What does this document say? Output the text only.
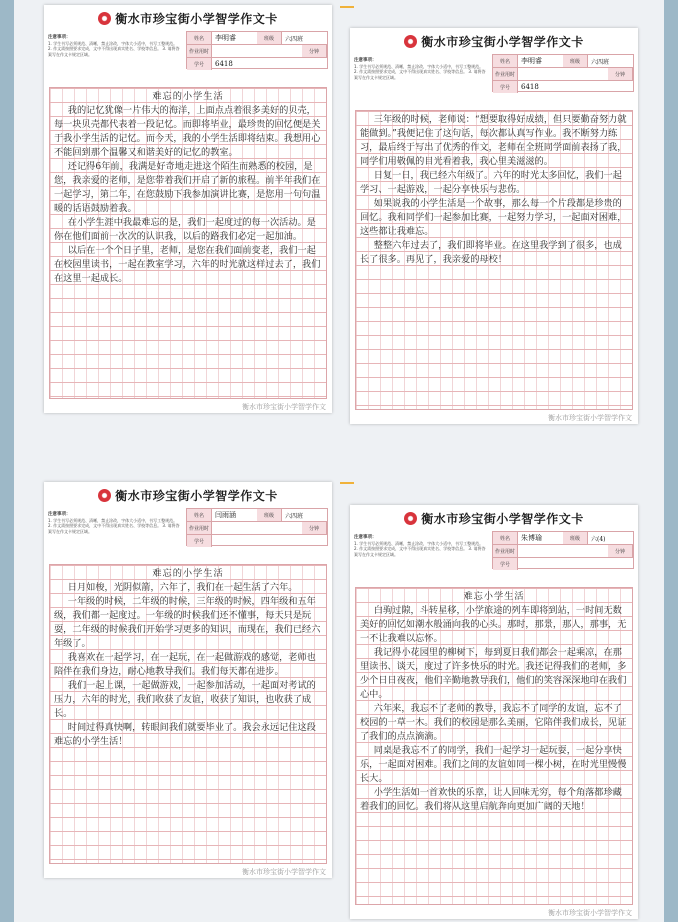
衡水市珍宝街小学智学作文卡
注意事项：
1. 学生书写必须规范、清晰，禁止涂改，字体大小适中，书写工整规范。 2. 作文需按照要求完成，文中不得出现真实姓名、学校等信息。 3. 请将答案写在作文卡规定区域。
姓名	李明睿	班级	六四班
作业用时	分钟
学号	6418
难忘的小学生活

我的记忆犹像一片伟大的海洋，上面点点着很多美好的贝壳，每一块贝壳都代表着一段记忆。而即将毕业，最珍贵的回忆便是关于我小学生活的记忆。而今天，我的小学生活即将结束。我想用心不能回到那个温馨又和谐美好的记忆的教室。

还记得6年前，我满是好奇地走进这个陌生而熟悉的校园，是您，我亲爱的老师，是您带着我们开启了新的旅程。前半年我们在一起学习，第二年，在您鼓励下我参加演讲比赛，是您用一句句温暖的话语鼓励着我。

在小学生涯中我最难忘的是，我们一起度过的每一次活动。是你在他们面前一次次的认识我，以后的路我们必定一起加油。

以后在一个个日子里，老师，是您在我们面前变老，我们一起在校园里读书，一起在教室学习，六年的时光就这样过去了，我们在这里一起成长。

衡水市珍宝街小学智学作文
衡水市珍宝街小学智学作文卡
注意事项：
1. 学生书写必须规范、清晰，禁止涂改，字体大小适中，书写工整规范。 2. 作文需按照要求完成，文中不得出现真实姓名、学校等信息。 3. 请将答案写在作文卡规定区域。
姓名	李明睿	班级	六四班
作业用时	分钟
学号	6418

三年级的时候，老师说：“想要取得好成绩，但只要勤奋努力就能做到。”我便记住了这句话，每次都认真写作业。我不断努力练习，最后终于写出了优秀的作文，老师在全班同学面前表扬了我，同学们用敬佩的目光看着我，我心里美滋滋的。

日复一日，我已经六年级了。六年的时光太多回忆，我们一起学习、一起游戏，一起分享快乐与悲伤。

如果说我的小学生活是一个故事，那么每一个片段都是珍贵的回忆。我和同学们一起参加比赛，一起努力学习，一起面对困难，这些都让我难忘。

整整六年过去了，我们即将毕业。在这里我学到了很多，也成长了很多。再见了，我亲爱的母校！

衡水市珍宝街小学智学作文
衡水市珍宝街小学智学作文卡
注意事项：
1. 学生书写必须规范、清晰，禁止涂改，字体大小适中，书写工整规范。 2. 作文需按照要求完成，文中不得出现真实姓名、学校等信息。 3. 请将答案写在作文卡规定区域。
姓名	闫雨涵	班级	六四班
作业用时	分钟
学号
难忘的小学生活

日月如梭，光阴似箭，六年了，我们在一起生活了六年。

一年级的时候，二年级的时候，三年级的时候，四年级和五年级，我们都一起度过。一年级的时候我们还不懂事，每天只是玩耍，二年级的时候我们开始学习更多的知识，而现在，我们已经六年级了。

我喜欢在一起学习，在一起玩，在一起做游戏的感觉，老师也陪伴在我们身边，耐心地教导我们。我们每天都在进步。

我们一起上课，一起做游戏，一起参加活动，一起面对考试的压力，六年的时光，我们收获了友谊，收获了知识，也收获了成长。

时间过得真快啊，转眼间我们就要毕业了。我会永远记住这段难忘的小学生活！

衡水市珍宝街小学智学作文
衡水市珍宝街小学智学作文卡
注意事项：
1. 学生书写必须规范、清晰，禁止涂改，字体大小适中，书写工整规范。 2. 作文需按照要求完成，文中不得出现真实姓名、学校等信息。 3. 请将答案写在作文卡规定区域。
姓名	朱博瑜	班级	六(4)
作业用时	分钟
学号
难忘小学生活

白驹过隙，斗转星移，小学旅途的列车即将到站，一时间无数美好的回忆如潮水般涌向我的心头。那时，那景，那人，那事，无一不让我难以忘怀。

我记得小花园里的柳树下，每到夏日我们都会一起乘凉，在那里读书、谈天，度过了许多快乐的时光。我还记得我们的老师，多少个日日夜夜，他们辛勤地教导我们，他们的笑容深深地印在我们心中。

六年来，我忘不了老师的教导，我忘不了同学的友谊，忘不了校园的一草一木。我们的校园是那么美丽，它陪伴我们成长，见证了我们的点点滴滴。

同桌是我忘不了的同学，我们一起学习一起玩耍，一起分享快乐，一起面对困难。我们之间的友谊如同一棵小树，在时光里慢慢长大。

小学生活如一首欢快的乐章，让人回味无穷，每个角落都珍藏着我们的回忆。我们将从这里启航奔向更加广阔的天地！

衡水市珍宝街小学智学作文
